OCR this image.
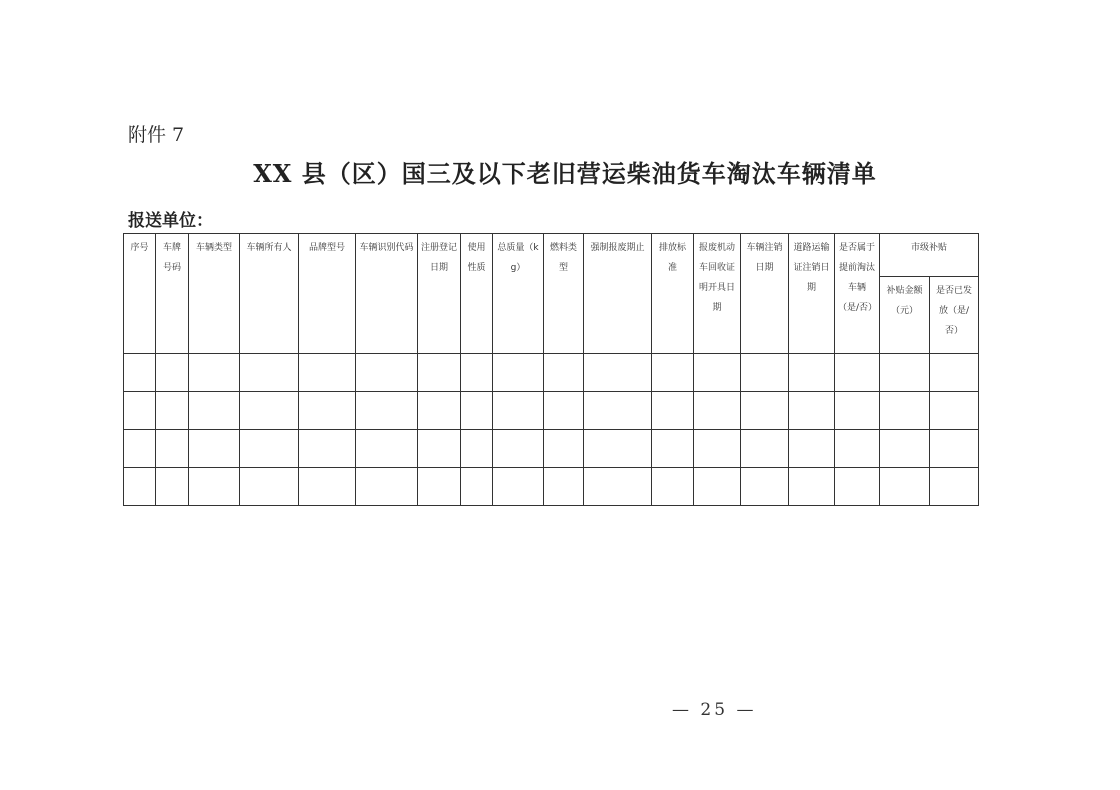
附件 7
XX 县（区）国三及以下老旧营运柴油货车淘汰车辆清单
报送单位：
序号	车牌号码	车辆类型	车辆所有人	品牌型号	车辆识别代码	注册登记日期	使用性质	总质量（kg）	燃料类型	强制报废期止	排放标准	报废机动车回收证明开具日期	车辆注销日期	道路运输证注销日期	是否属于提前淘汰车辆（是/否）	市级补贴	
																补贴金额（元）	是否已发放（是/否）

— 25 —
